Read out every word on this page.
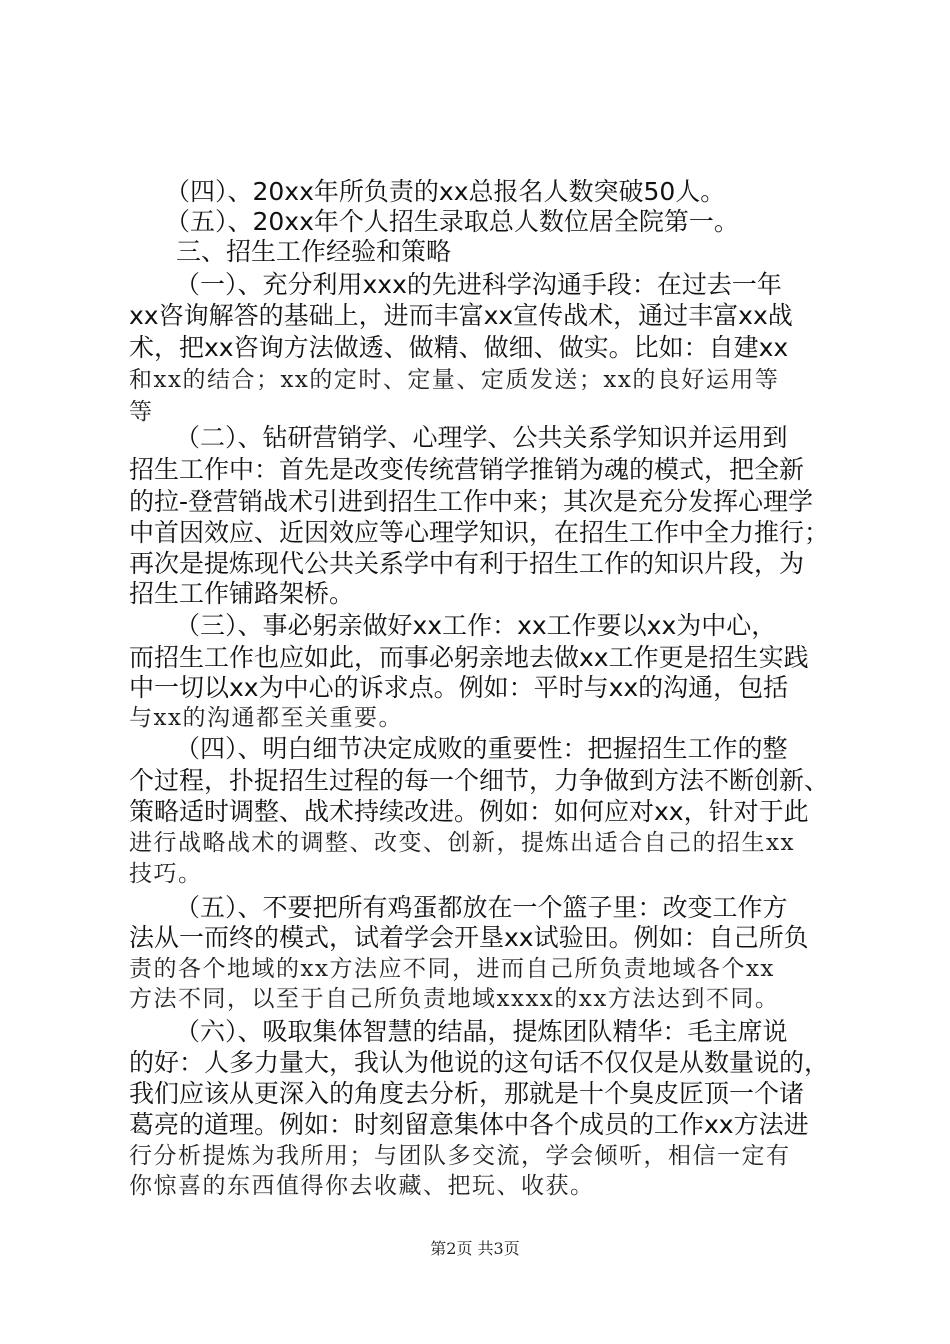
（四）、20xx年所负责的xx总报名人数突破50人。
（五）、20xx年个人招生录取总人数位居全院第一。
三、招生工作经验和策略
（一）、充分利用xxx的先进科学沟通手段：在过去一年
xx咨询解答的基础上，进而丰富xx宣传战术，通过丰富xx战
术，把xx咨询方法做透、做精、做细、做实。比如：自建xx
和xx的结合；xx的定时、定量、定质发送；xx的良好运用等
等
（二）、钻研营销学、心理学、公共关系学知识并运用到
招生工作中：首先是改变传统营销学推销为魂的模式，把全新
的拉-登营销战术引进到招生工作中来；其次是充分发挥心理学
中首因效应、近因效应等心理学知识，在招生工作中全力推行；
再次是提炼现代公共关系学中有利于招生工作的知识片段，为
招生工作铺路架桥。
（三）、事必躬亲做好xx工作：xx工作要以xx为中心，
而招生工作也应如此，而事必躬亲地去做xx工作更是招生实践
中一切以xx为中心的诉求点。例如：平时与xx的沟通，包括
与xx的沟通都至关重要。
（四）、明白细节决定成败的重要性：把握招生工作的整
个过程，扑捉招生过程的每一个细节，力争做到方法不断创新、
策略适时调整、战术持续改进。例如：如何应对xx，针对于此
进行战略战术的调整、改变、创新，提炼出适合自己的招生xx
技巧。
（五）、不要把所有鸡蛋都放在一个篮子里：改变工作方
法从一而终的模式，试着学会开垦xx试验田。例如：自己所负
责的各个地域的xx方法应不同，进而自己所负责地域各个xx
方法不同，以至于自己所负责地域xxxx的xx方法达到不同。
（六）、吸取集体智慧的结晶，提炼团队精华：毛主席说
的好：人多力量大，我认为他说的这句话不仅仅是从数量说的，
我们应该从更深入的角度去分析，那就是十个臭皮匠顶一个诸
葛亮的道理。例如：时刻留意集体中各个成员的工作xx方法进
行分析提炼为我所用；与团队多交流，学会倾听，相信一定有
你惊喜的东西值得你去收藏、把玩、收获。
第2页 共3页
